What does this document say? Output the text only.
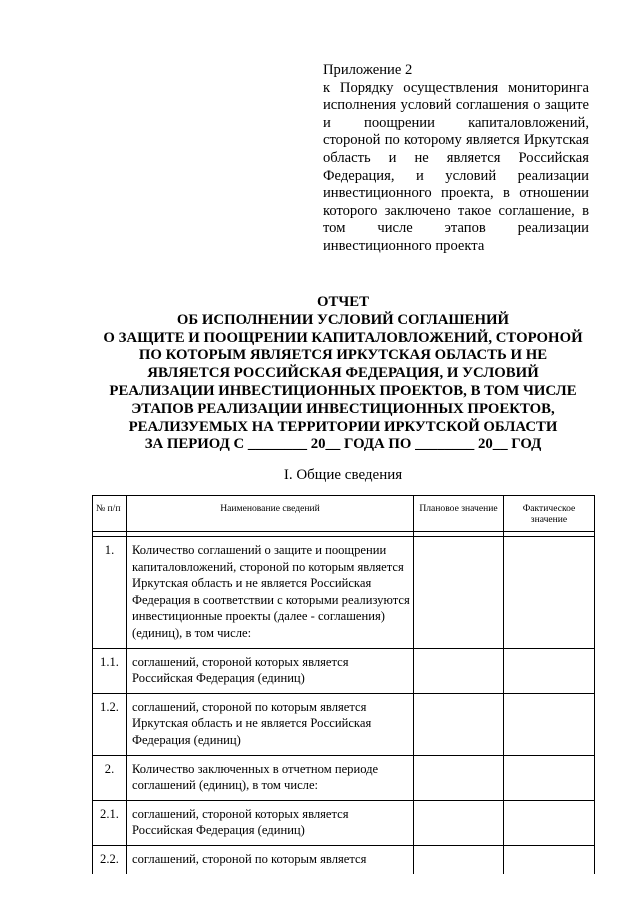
Приложение 2
к Порядку осуществления мониторинга исполнения условий соглашения о защите и поощрении капиталовложений, стороной по которому является Иркутская область и не является Российская Федерация, и условий реализации инвестиционного проекта, в отношении которого заключено такое соглашение, в том числе этапов реализации инвестиционного проекта
ОТЧЕТ
ОБ ИСПОЛНЕНИИ УСЛОВИЙ СОГЛАШЕНИЙ
О ЗАЩИТЕ И ПООЩРЕНИИ КАПИТАЛОВЛОЖЕНИЙ, СТОРОНОЙ
ПО КОТОРЫМ ЯВЛЯЕТСЯ ИРКУТСКАЯ ОБЛАСТЬ И НЕ
ЯВЛЯЕТСЯ РОССИЙСКАЯ ФЕДЕРАЦИЯ, И УСЛОВИЙ
РЕАЛИЗАЦИИ ИНВЕСТИЦИОННЫХ ПРОЕКТОВ, В ТОМ ЧИСЛЕ
ЭТАПОВ РЕАЛИЗАЦИИ ИНВЕСТИЦИОННЫХ ПРОЕКТОВ,
РЕАЛИЗУЕМЫХ НА ТЕРРИТОРИИ ИРКУТСКОЙ ОБЛАСТИ
ЗА ПЕРИОД С ________ 20__ ГОДА ПО ________ 20__ ГОД
I. Общие сведения
№ п/п	Наименование сведений	Плановое значение	Фактическое значение

1.	Количество соглашений о защите и поощрении капиталовложений, стороной по которым является Иркутская область и не является Российская Федерация в соответствии с которыми реализуются инвестиционные проекты (далее - соглашения) (единиц), в том числе:		
1.1.	соглашений, стороной которых является Российская Федерация (единиц)		
1.2.	соглашений, стороной по которым является Иркутская область и не является Российская Федерация (единиц)		
2.	Количество заключенных в отчетном периоде соглашений (единиц), в том числе:		
2.1.	соглашений, стороной которых является Российская Федерация (единиц)		
2.2.	соглашений, стороной по которым является		
